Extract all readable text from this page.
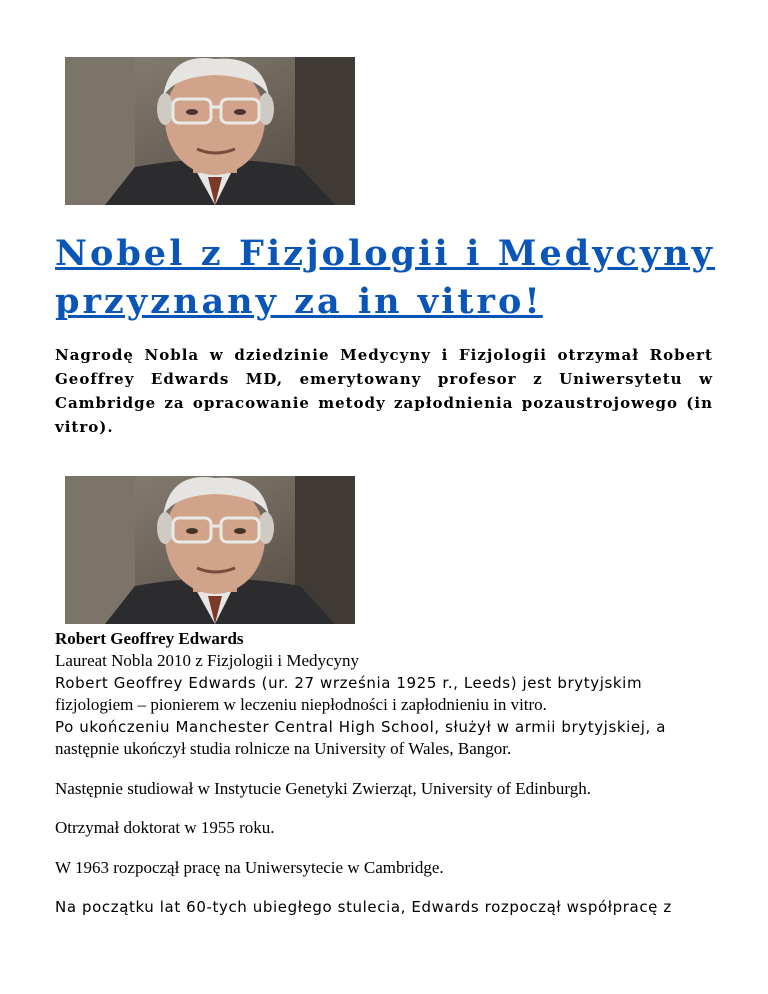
Nobel z Fizjologii i Medycyny przyznany za in vitro!

Nagrodę Nobla w dziedzinie Medycyny i Fizjologii otrzymał Robert Geoffrey Edwards MD, emerytowany profesor z Uniwersytetu w Cambridge za opracowanie metody zapłodnienia pozaustrojowego (in vitro).

Robert Geoffrey Edwards
Laureat Nobla 2010 z Fizjologii i Medycyny
Robert Geoffrey Edwards (ur. 27 września 1925 r., Leeds) jest brytyjskim
fizjologiem – pionierem w leczeniu niepłodności i zapłodnieniu in vitro.
Po ukończeniu Manchester Central High School, służył w armii brytyjskiej, a
następnie ukończył studia rolnicze na University of Wales, Bangor.

Następnie studiował w Instytucie Genetyki Zwierząt, University of Edinburgh.

Otrzymał doktorat w 1955 roku.

W 1963 rozpoczął pracę na Uniwersytecie w Cambridge.

Na początku lat 60-tych ubiegłego stulecia, Edwards rozpoczął współpracę z
